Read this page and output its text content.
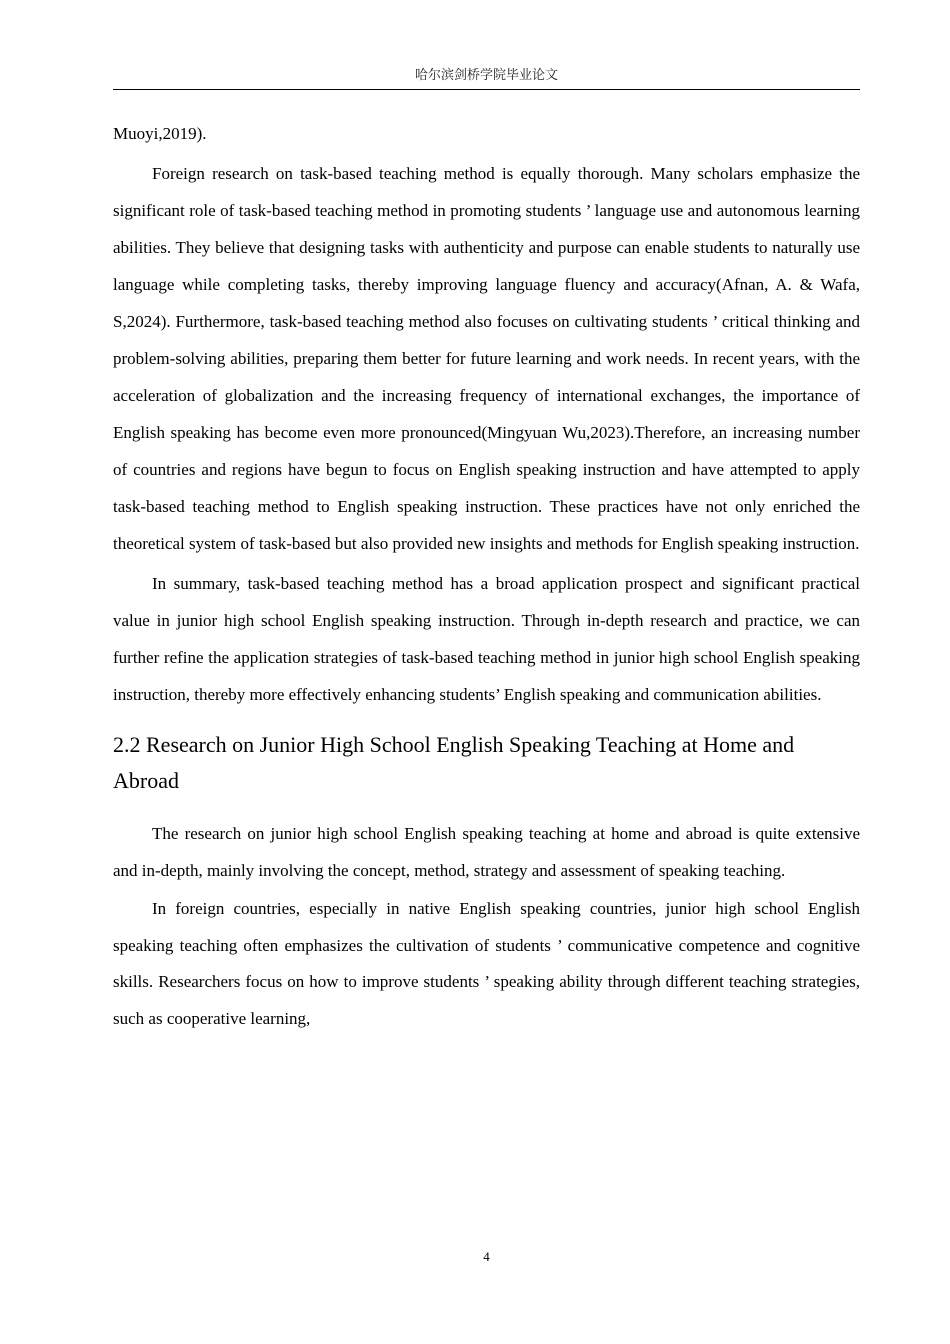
哈尔滨剑桥学院毕业论文

Muoyi,2019).

Foreign research on task-based teaching method is equally thorough. Many scholars emphasize the significant role of task-based teaching method in promoting students ’ language use and autonomous learning abilities. They believe that designing tasks with authenticity and purpose can enable students to naturally use language while completing tasks, thereby improving language fluency and accuracy(Afnan, A. & Wafa, S,2024). Furthermore, task-based teaching method also focuses on cultivating students ’ critical thinking and problem-solving abilities, preparing them better for future learning and work needs. In recent years, with the acceleration of globalization and the increasing frequency of international exchanges, the importance of English speaking has become even more pronounced(Mingyuan Wu,2023).Therefore, an increasing number of countries and regions have begun to focus on English speaking instruction and have attempted to apply task-based teaching method to English speaking instruction. These practices have not only enriched the theoretical system of task-based but also provided new insights and methods for English speaking instruction.

In summary, task-based teaching method has a broad application prospect and significant practical value in junior high school English speaking instruction. Through in-depth research and practice, we can further refine the application strategies of task-based teaching method in junior high school English speaking instruction, thereby more effectively enhancing students’ English speaking and communication abilities.

2.2 Research on Junior High School English Speaking Teaching at Home and Abroad

The research on junior high school English speaking teaching at home and abroad is quite extensive and in-depth, mainly involving the concept, method, strategy and assessment of speaking teaching.

In foreign countries, especially in native English speaking countries, junior high school English speaking teaching often emphasizes the cultivation of students ’ communicative competence and cognitive skills. Researchers focus on how to improve students ’ speaking ability through different teaching strategies, such as cooperative learning,

4
